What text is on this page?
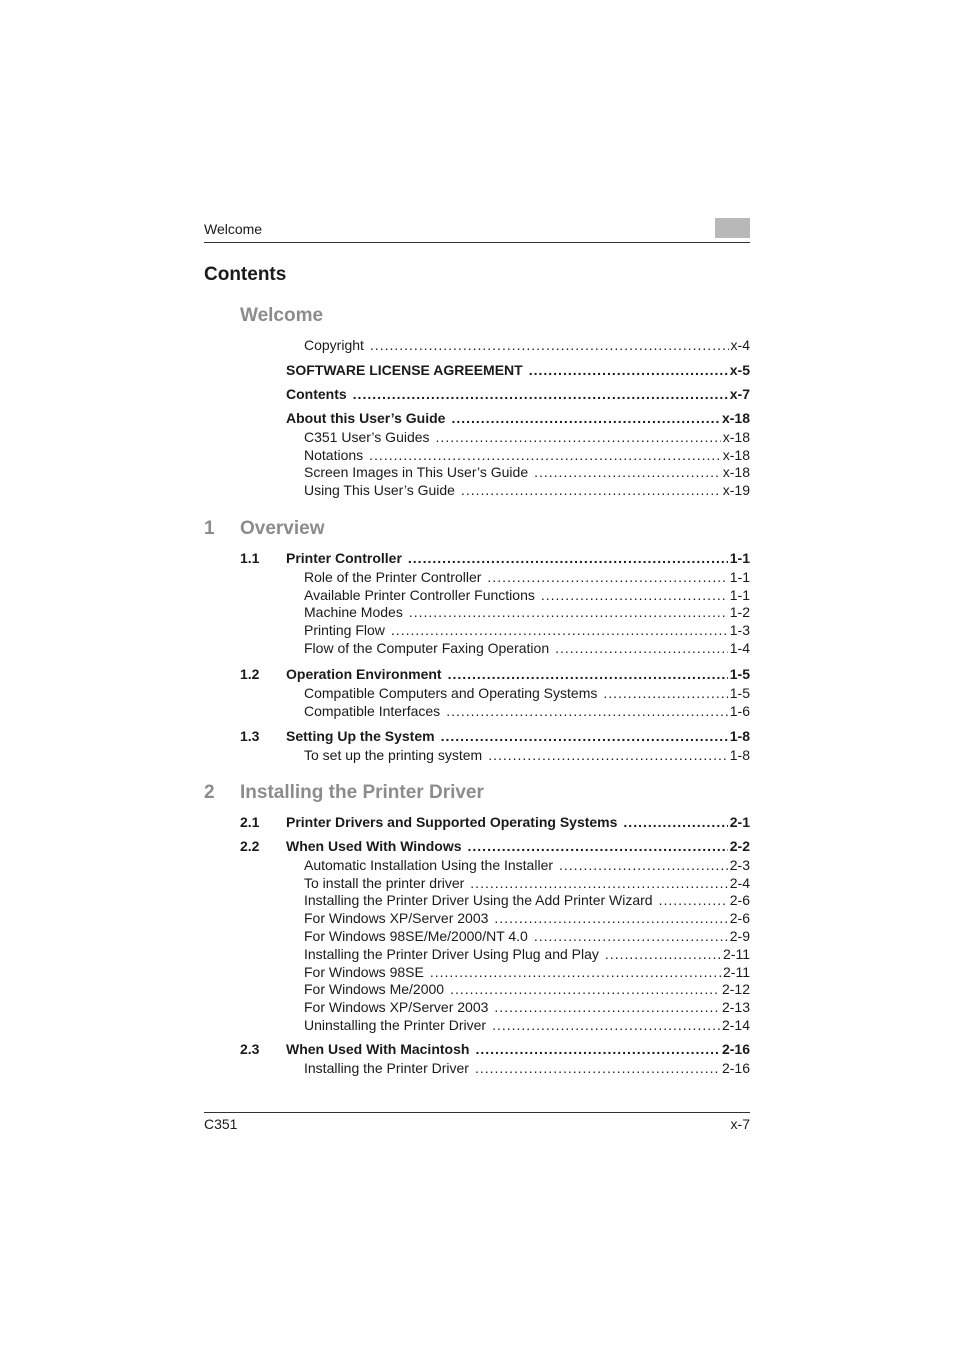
Welcome
Contents
Welcome
Copyright .....	x-4
SOFTWARE LICENSE AGREEMENT .....	x-5
Contents .....	x-7
About this User’s Guide .....	x-18
C351 User’s Guides .....	x-18
Notations .....	x-18
Screen Images in This User’s Guide .....	x-18
Using This User’s Guide .....	x-19
1 Overview
1.1 Printer Controller .....	1-1
Role of the Printer Controller .....	1-1
Available Printer Controller Functions .....	1-1
Machine Modes .....	1-2
Printing Flow .....	1-3
Flow of the Computer Faxing Operation .....	1-4
1.2 Operation Environment .....	1-5
Compatible Computers and Operating Systems .....	1-5
Compatible Interfaces .....	1-6
1.3 Setting Up the System .....	1-8
To set up the printing system .....	1-8
2 Installing the Printer Driver
2.1 Printer Drivers and Supported Operating Systems .....	2-1
2.2 When Used With Windows .....	2-2
Automatic Installation Using the Installer .....	2-3
To install the printer driver .....	2-4
Installing the Printer Driver Using the Add Printer Wizard .....	2-6
For Windows XP/Server 2003 .....	2-6
For Windows 98SE/Me/2000/NT 4.0 .....	2-9
Installing the Printer Driver Using Plug and Play .....	2-11
For Windows 98SE .....	2-11
For Windows Me/2000 .....	2-12
For Windows XP/Server 2003 .....	2-13
Uninstalling the Printer Driver .....	2-14
2.3 When Used With Macintosh .....	2-16
Installing the Printer Driver .....	2-16
C351	x-7
